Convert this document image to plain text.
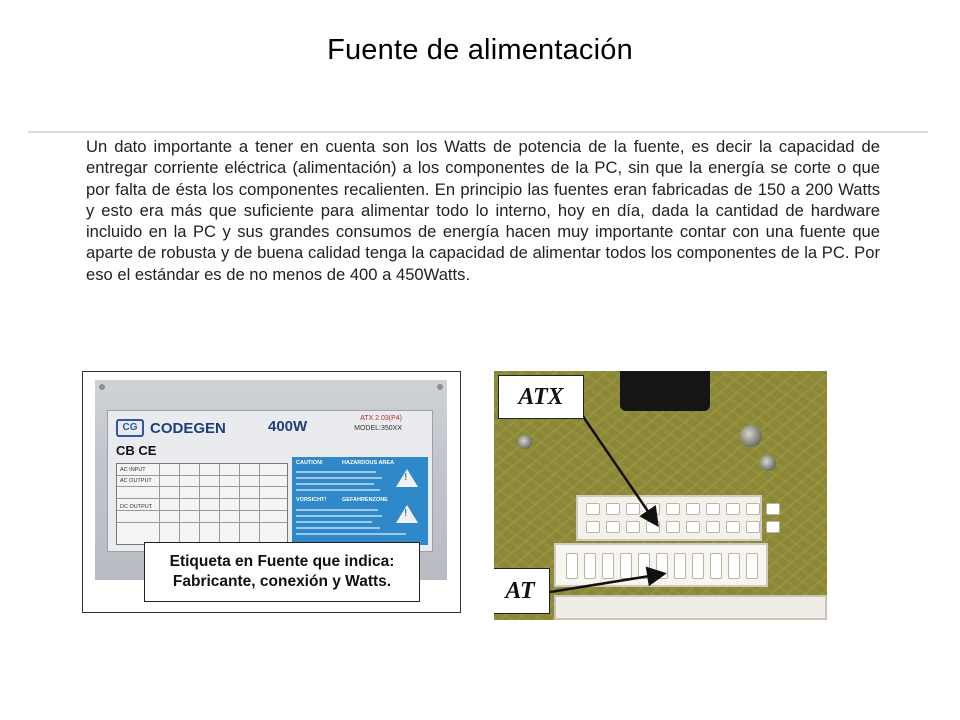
Fuente de alimentación
Un dato importante a tener en cuenta son los Watts de potencia de la fuente, es decir la capacidad de entregar corriente eléctrica (alimentación) a los componentes de la PC, sin que la energía se corte o que por falta de ésta los componentes recalienten. En principio las fuentes eran fabricadas de 150 a 200 Watts y esto era más que suficiente para alimentar todo lo interno, hoy en día, dada la cantidad de hardware incluido en la PC y sus grandes consumos de energía hacen muy importante contar con una fuente que aparte de robusta y de buena calidad tenga la capacidad de alimentar todos los componentes de la PC. Por eso el estándar es de no menos de 400 a 450Watts.
CG CODEGEN	400W	ATX 2.03(P4)
MODEL:350XX
CB CE
AC INPUT
AC OUTPUT
DC OUTPUT
CAUTION!	HAZARDOUS AREA
VORSICHT!	GEFAHRENZONE
!
!
Etiqueta en Fuente que indica:
Fabricante, conexión y Watts.
ATX
AT
